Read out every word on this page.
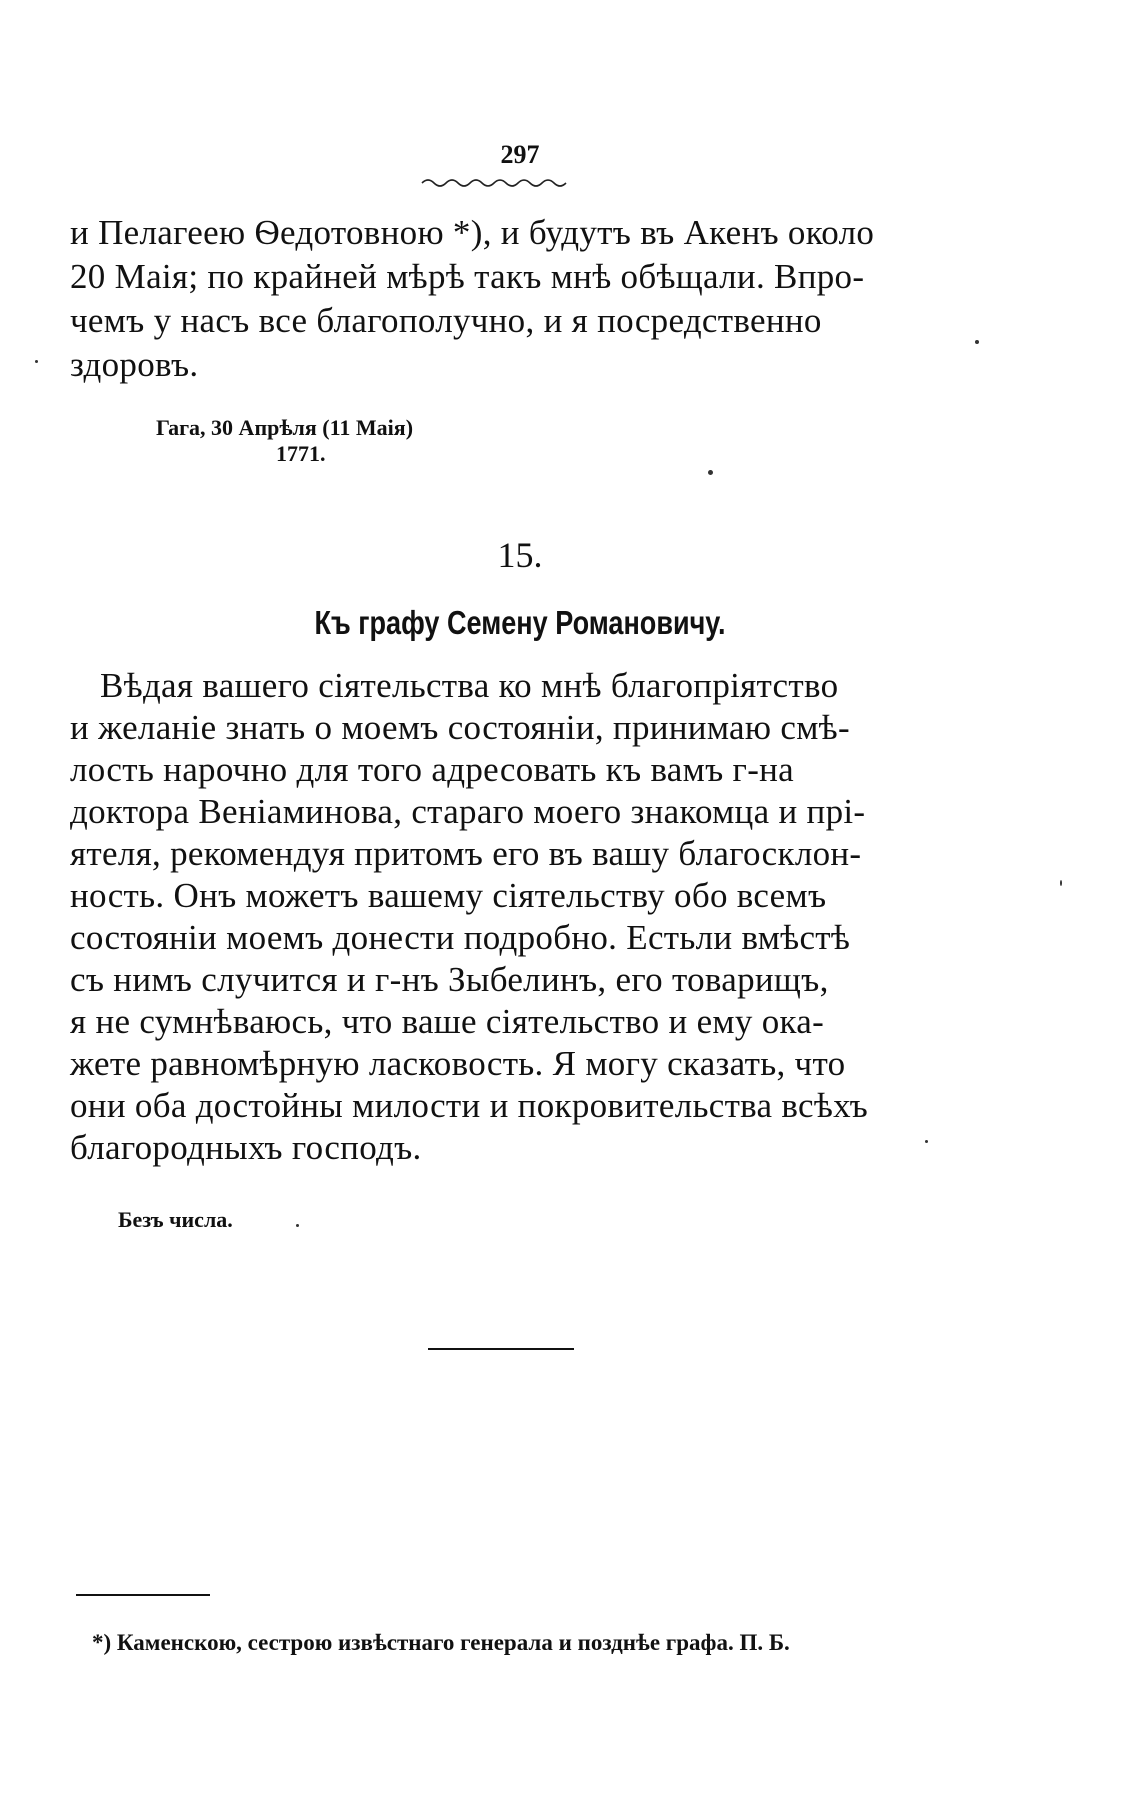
297
и Пелагеею Ѳедотовною *), и будутъ въ Акенъ около
20 Маія; по крайней мѣрѣ такъ мнѣ обѣщали. Впро-
чемъ у насъ все благополучно, и я посредственно
здоровъ.
Гага, 30 Апрѣля (11 Маія)
1771.
15.
Къ графу Семену Романовичу.
Вѣдая вашего сіятельства ко мнѣ благопріятство
и желаніе знать о моемъ состояніи, принимаю смѣ-
лость нарочно для того адресовать къ вамъ г-на
доктора Веніаминова, стараго моего знакомца и прі-
ятеля, рекомендуя притомъ его въ вашу благосклон-
ность. Онъ можетъ вашему сіятельству обо всемъ
состояніи моемъ донести подробно. Естьли вмѣстѣ
съ нимъ случится и г-нъ Зыбелинъ, его товарищъ,
я не сумнѣваюсь, что ваше сіятельство и ему ока-
жете равномѣрную ласковость. Я могу сказать, что
они оба достойны милости и покровительства всѣхъ
благородныхъ господъ.
Безъ числа.
*) Каменскою, сестрою извѣстнаго генерала и позднѣе графа. П. Б.
